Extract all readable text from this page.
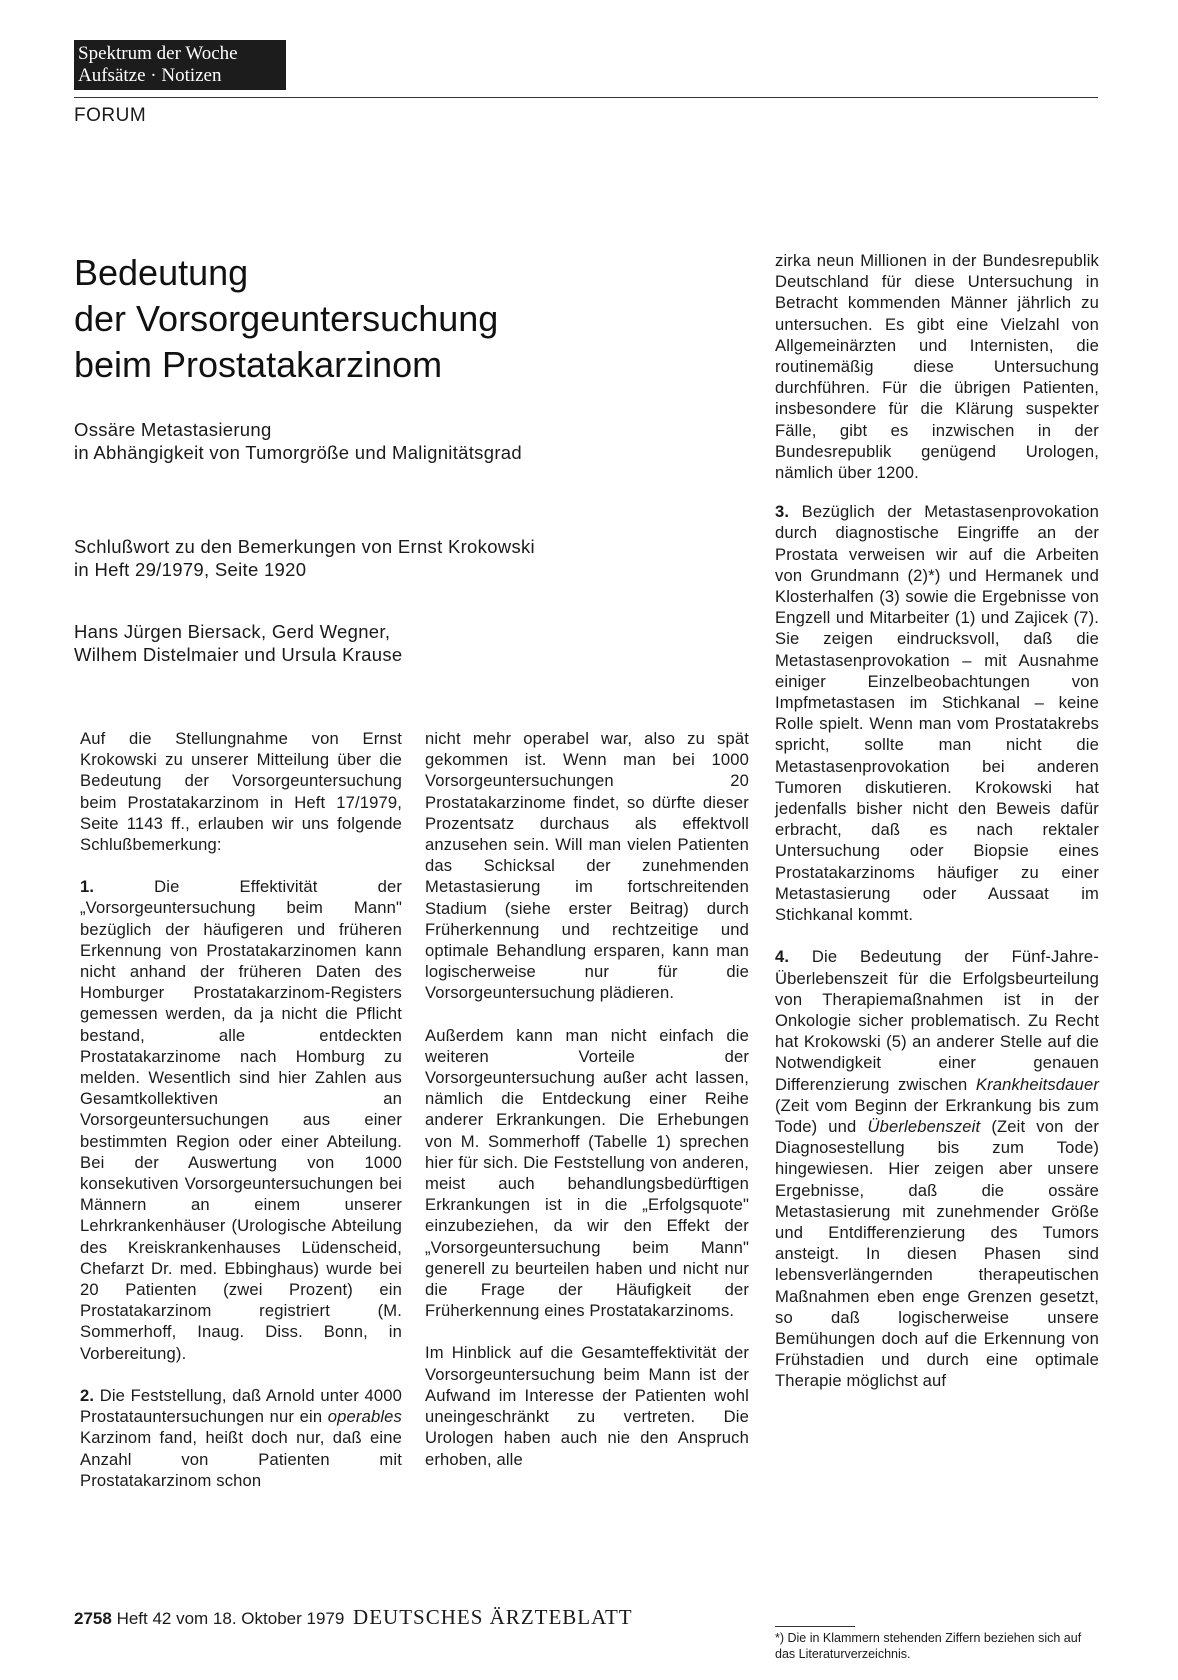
Spektrum der Woche
Aufsätze · Notizen
FORUM
Bedeutung
der Vorsorgeuntersuchung
beim Prostatakarzinom
Ossäre Metastasierung
in Abhängigkeit von Tumorgröße und Malignitätsgrad
Schlußwort zu den Bemerkungen von Ernst Krokowski
in Heft 29/1979, Seite 1920
Hans Jürgen Biersack, Gerd Wegner,
Wilhem Distelmaier und Ursula Krause

Auf die Stellungnahme von Ernst Krokowski zu unserer Mitteilung über die Bedeutung der Vorsorgeuntersuchung beim Prostatakarzinom in Heft 17/1979, Seite 1143 ff., erlauben wir uns folgende Schlußbemerkung:

1. Die Effektivität der „Vorsorgeuntersuchung beim Mann" bezüglich der häufigeren und früheren Erkennung von Prostatakarzinomen kann nicht anhand der früheren Daten des Homburger Prostatakarzinom-Registers gemessen werden, da ja nicht die Pflicht bestand, alle entdeckten Prostatakarzinome nach Homburg zu melden. Wesentlich sind hier Zahlen aus Gesamtkollektiven an Vorsorgeuntersuchungen aus einer bestimmten Region oder einer Abteilung. Bei der Auswertung von 1000 konsekutiven Vorsorgeuntersuchungen bei Männern an einem unserer Lehrkrankenhäuser (Urologische Abteilung des Kreiskrankenhauses Lüdenscheid, Chefarzt Dr. med. Ebbinghaus) wurde bei 20 Patienten (zwei Prozent) ein Prostatakarzinom registriert (M. Sommerhoff, Inaug. Diss. Bonn, in Vorbereitung).

2. Die Feststellung, daß Arnold unter 4000 Prostatauntersuchungen nur ein operables Karzinom fand, heißt doch nur, daß eine Anzahl von Patienten mit Prostatakarzinom schon

nicht mehr operabel war, also zu spät gekommen ist. Wenn man bei 1000 Vorsorgeuntersuchungen 20 Prostatakarzinome findet, so dürfte dieser Prozentsatz durchaus als effektvoll anzusehen sein. Will man vielen Patienten das Schicksal der zunehmenden Metastasierung im fortschreitenden Stadium (siehe erster Beitrag) durch Früherkennung und rechtzeitige und optimale Behandlung ersparen, kann man logischerweise nur für die Vorsorgeuntersuchung plädieren.

Außerdem kann man nicht einfach die weiteren Vorteile der Vorsorgeuntersuchung außer acht lassen, nämlich die Entdeckung einer Reihe anderer Erkrankungen. Die Erhebungen von M. Sommerhoff (Tabelle 1) sprechen hier für sich. Die Feststellung von anderen, meist auch behandlungsbedürftigen Erkrankungen ist in die „Erfolgsquote" einzubeziehen, da wir den Effekt der „Vorsorgeuntersuchung beim Mann" generell zu beurteilen haben und nicht nur die Frage der Häufigkeit der Früherkennung eines Prostatakarzinoms.

Im Hinblick auf die Gesamteffektivität der Vorsorgeuntersuchung beim Mann ist der Aufwand im Interesse der Patienten wohl uneingeschränkt zu vertreten. Die Urologen haben auch nie den Anspruch erhoben, alle

zirka neun Millionen in der Bundesrepublik Deutschland für diese Untersuchung in Betracht kommenden Männer jährlich zu untersuchen. Es gibt eine Vielzahl von Allgemeinärzten und Internisten, die routinemäßig diese Untersuchung durchführen. Für die übrigen Patienten, insbesondere für die Klärung suspekter Fälle, gibt es inzwischen in der Bundesrepublik genügend Urologen, nämlich über 1200.

3. Bezüglich der Metastasenprovokation durch diagnostische Eingriffe an der Prostata verweisen wir auf die Arbeiten von Grundmann (2)*) und Hermanek und Klosterhalfen (3) sowie die Ergebnisse von Engzell und Mitarbeiter (1) und Zajicek (7). Sie zeigen eindrucksvoll, daß die Metastasenprovokation – mit Ausnahme einiger Einzelbeobachtungen von Impfmetastasen im Stichkanal – keine Rolle spielt. Wenn man vom Prostatakrebs spricht, sollte man nicht die Metastasenprovokation bei anderen Tumoren diskutieren. Krokowski hat jedenfalls bisher nicht den Beweis dafür erbracht, daß es nach rektaler Untersuchung oder Biopsie eines Prostatakarzinoms häufiger zu einer Metastasierung oder Aussaat im Stichkanal kommt.

4. Die Bedeutung der Fünf-Jahre-Überlebenszeit für die Erfolgsbeurteilung von Therapiemaßnahmen ist in der Onkologie sicher problematisch. Zu Recht hat Krokowski (5) an anderer Stelle auf die Notwendigkeit einer genauen Differenzierung zwischen Krankheitsdauer (Zeit vom Beginn der Erkrankung bis zum Tode) und Überlebenszeit (Zeit von der Diagnosestellung bis zum Tode) hingewiesen. Hier zeigen aber unsere Ergebnisse, daß die ossäre Metastasierung mit zunehmender Größe und Entdifferenzierung des Tumors ansteigt. In diesen Phasen sind lebensverlängernden therapeutischen Maßnahmen eben enge Grenzen gesetzt, so daß logischerweise unsere Bemühungen doch auf die Erkennung von Frühstadien und durch eine optimale Therapie möglichst auf

*) Die in Klammern stehenden Ziffern beziehen sich auf das Literaturverzeichnis.
2758 Heft 42 vom 18. Oktober 1979 DEUTSCHES ÄRZTEBLATT
